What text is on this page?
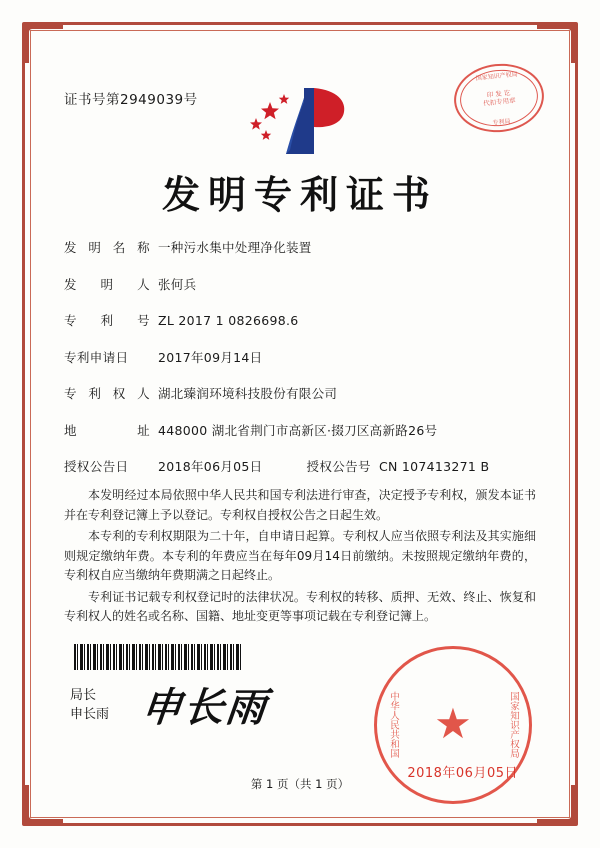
证书号第2949039号
国家知识产权局
印 发 讫
代扣专用章
专利局
发明专利证书
发 明 名 称 一种污水集中处理净化装置
发 明 人 张何兵
专 利 号 ZL 2017 1 0826698.6
专利申请日	2017年09月14日
专 利 权 人 湖北臻润环境科技股份有限公司
地 址 448000 湖北省荆门市高新区·掇刀区高新路26号
授权公告日	2018年06月05日	授权公告号 CN 107413271 B

本发明经过本局依照中华人民共和国专利法进行审查，决定授予专利权，颁发本证书并在专利登记簿上予以登记。专利权自授权公告之日起生效。

本专利的专利权期限为二十年，自申请日起算。专利权人应当依照专利法及其实施细则规定缴纳年费。本专利的年费应当在每年09月14日前缴纳。未按照规定缴纳年费的，专利权自应当缴纳年费期满之日起终止。

专利证书记载专利权登记时的法律状况。专利权的转移、质押、无效、终止、恢复和专利权人的姓名或名称、国籍、地址变更等事项记载在专利登记簿上。

局长
申长雨 申长雨	中华人民共和国	国家知识产权局
★
2018年06月05日
第 1 页（共 1 页）
